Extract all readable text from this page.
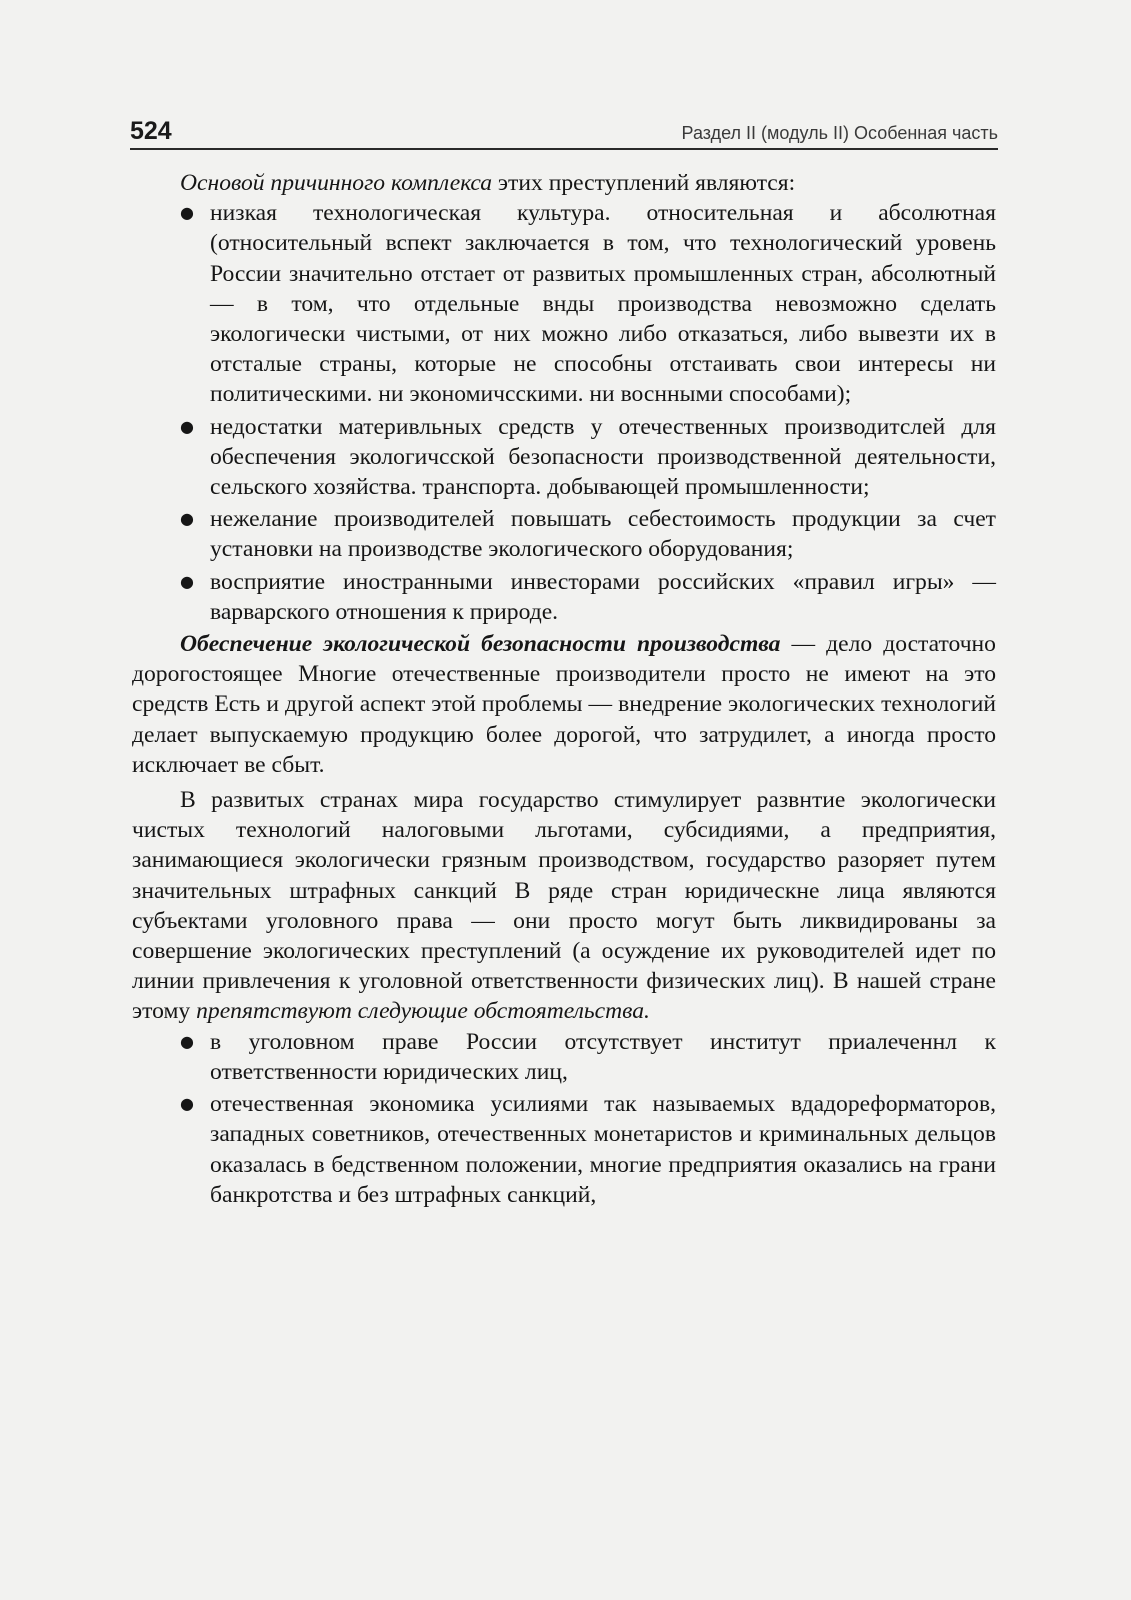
524	Раздел II (модуль II) Особенная часть

Основой причинного комплекса этих преступлений являются:

● низкая технологическая культура. относительная и абсолютная (относительный вспект заключается в том, что технологический уровень России значительно отстает от развитых промышленных стран, абсолютный — в том, что отдельные внды производства невозможно сделать экологически чистыми, от них можно либо отказаться, либо вывезти их в отсталые страны, которые не способны отстаивать свои интересы ни политическими. ни экономичсскими. ни воснными способами);
● недостатки материвльных средств у отечественных производитслей для обеспечения экологичсской безопасности производственной деятельности, сельского хозяйства. транспорта. добывающей промышленности;
● нежелание производителей повышать себестоимость продукции за счет установки на производстве экологического оборудования;
● восприятие иностранными инвесторами российских «правил игры» — варварского отношения к природе.

Обеспечение экологической безопасности производства — дело достаточно дорогостоящее Многие отечественные производители просто не имеют на это средств Есть и другой аспект этой проблемы — внедрение экологических технологий делает выпускаемую продукцию более дорогой, что затрудилет, а иногда просто исключает ве сбыт.

В развитых странах мира государство стимулирует развнтие экологически чистых технологий налоговыми льготами, субсидиями, а предприятия, занимающиеся экологически грязным производством, государство разоряет путем значительных штрафных санкций В ряде стран юридическне лица являются субъектами уголовного права — они просто могут быть ликвидированы за совершение экологических преступлений (а осуждение их руководителей идет по линии привлечения к уголовной ответственности физических лиц). В нашей стране этому препятствуют следующие обстоятельства.

● в уголовном праве России отсутствует институт приалеченнл к ответственности юридических лиц,
● отечественная экономика усилиями так называемых вдадореформаторов, западных советников, отечественных монетаристов и криминальных дельцов оказалась в бедственном положении, многие предприятия оказались на грани банкротства и без штрафных санкций,
